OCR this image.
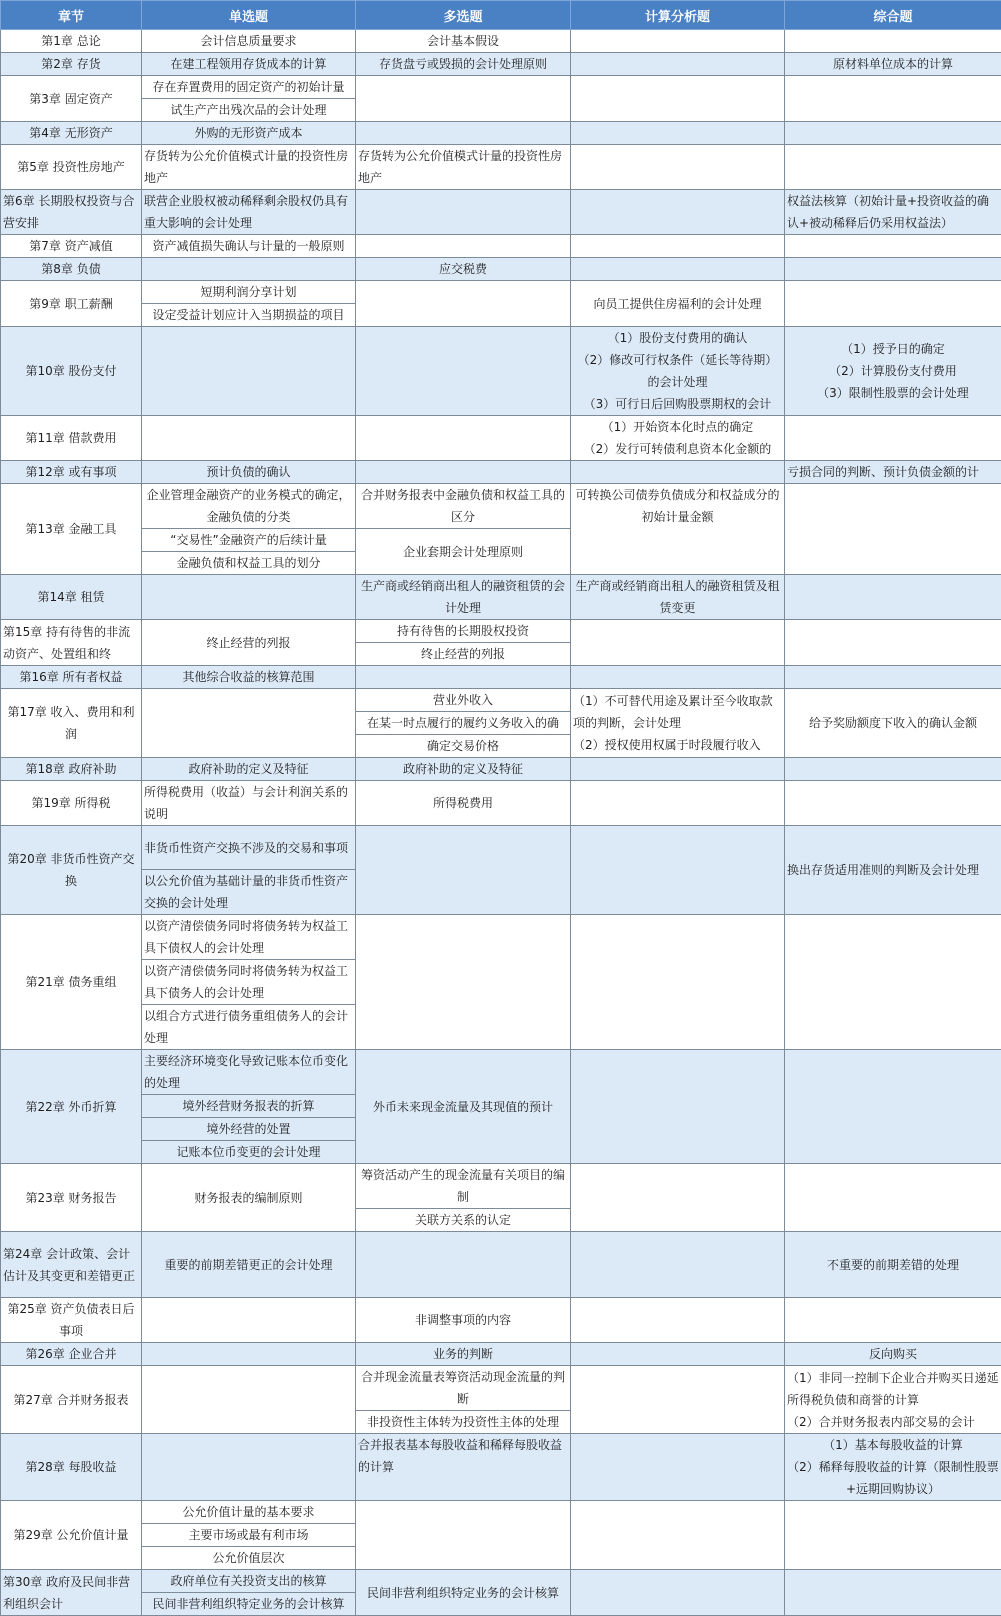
章节	单选题	多选题	计算分析题	综合题
第1章 总论	会计信息质量要求	会计基本假设		
第2章 存货	在建工程领用存货成本的计算	存货盘亏或毁损的会计处理原则		原材料单位成本的计算
第3章 固定资产	存在弃置费用的固定资产的初始计量			
	试生产产出残次品的会计处理			
第4章 无形资产	外购的无形资产成本			
第5章 投资性房地产	存货转为公允价值模式计量的投资性房地产	存货转为公允价值模式计量的投资性房地产		
第6章 长期股权投资与合营安排	联营企业股权被动稀释剩余股权仍具有重大影响的会计处理			权益法核算（初始计量+投资收益的确认+被动稀释后仍采用权益法）
第7章 资产减值	资产减值损失确认与计量的一般原则			
第8章 负债		应交税费		
第9章 职工薪酬	短期利润分享计划		向员工提供住房福利的会计处理	
	设定受益计划应计入当期损益的项目			
第10章 股份支付			（1）股份支付费用的确认
（2）修改可行权条件（延长等待期）的会计处理
（3）可行日后回购股票期权的会计	（1）授予日的确定
（2）计算股份支付费用
（3）限制性股票的会计处理
第11章 借款费用			（1）开始资本化时点的确定
（2）发行可转债利息资本化金额的	
第12章 或有事项	预计负债的确认			亏损合同的判断、预计负债金额的计
第13章 金融工具	企业管理金融资产的业务模式的确定，金融负债的分类	合并财务报表中金融负债和权益工具的区分	可转换公司债券负债成分和权益成分的初始计量金额	
	“交易性”金融资产的后续计量	企业套期会计处理原则		
	金融负债和权益工具的划分			
第14章 租赁		生产商或经销商出租人的融资租赁的会计处理	生产商或经销商出租人的融资租赁及租赁变更	
第15章 持有待售的非流动资产、处置组和终	终止经营的列报	持有待售的长期股权投资		
		终止经营的列报		
第16章 所有者权益	其他综合收益的核算范围			
第17章 收入、费用和利润		营业外收入	（1）不可替代用途及累计至今收取款项的判断，会计处理
（2）授权使用权属于时段履行收入	给予奖励额度下收入的确认金额
		在某一时点履行的履约义务收入的确		
		确定交易价格		
第18章 政府补助	政府补助的定义及特征	政府补助的定义及特征		
第19章 所得税	所得税费用（收益）与会计利润关系的说明	所得税费用		
第20章 非货币性资产交换	非货币性资产交换不涉及的交易和事项			换出存货适用准则的判断及会计处理
	以公允价值为基础计量的非货币性资产交换的会计处理			
第21章 债务重组	以资产清偿债务同时将债务转为权益工具下债权人的会计处理			
	以资产清偿债务同时将债务转为权益工具下债务人的会计处理			
	以组合方式进行债务重组债务人的会计处理			
第22章 外币折算	主要经济环境变化导致记账本位币变化的处理	外币未来现金流量及其现值的预计		
	境外经营财务报表的折算			
	境外经营的处置			
	记账本位币变更的会计处理			
第23章 财务报告	财务报表的编制原则	筹资活动产生的现金流量有关项目的编制		
		关联方关系的认定		
第24章 会计政策、会计估计及其变更和差错更正	重要的前期差错更正的会计处理			不重要的前期差错的处理
第25章 资产负债表日后事项		非调整事项的内容		
第26章 企业合并		业务的判断		反向购买
第27章 合并财务报表		合并现金流量表筹资活动现金流量的判断		（1）非同一控制下企业合并购买日递延所得税负债和商誉的计算
（2）合并财务报表内部交易的会计
		非投资性主体转为投资性主体的处理		
第28章 每股收益		合并报表基本每股收益和稀释每股收益的计算		（1）基本每股收益的计算
（2）稀释每股收益的计算（限制性股票+远期回购协议）
第29章 公允价值计量	公允价值计量的基本要求			
	主要市场或最有利市场			
	公允价值层次			
第30章 政府及民间非营利组织会计	政府单位有关投资支出的核算	民间非营利组织特定业务的会计核算		
	民间非营利组织特定业务的会计核算			
